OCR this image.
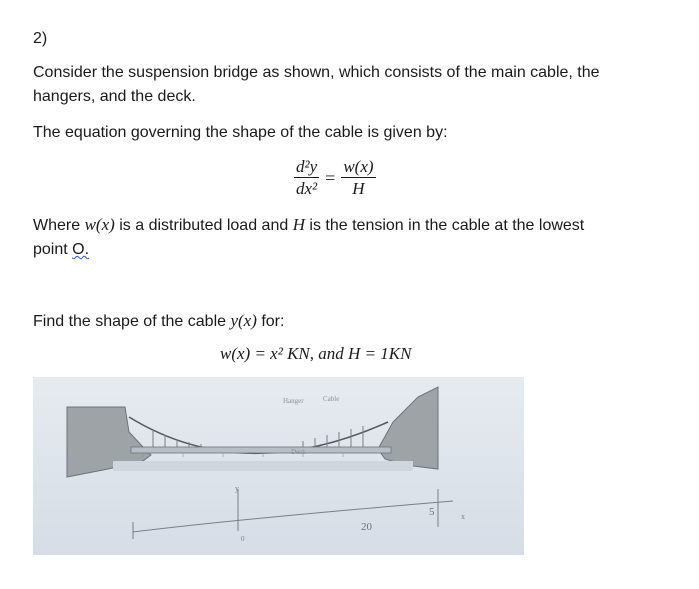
2)
Consider the suspension bridge as shown, which consists of the main cable, the hangers, and the deck.
The equation governing the shape of the cable is given by:
$\frac{\text{d²y}}{\text{dx²}} = \frac{w(x)}{H}$
Where w(x) is a distributed load and H is the tension in the cable at the lowest
point O.
Find the shape of the cable y(x) for:
w(x) = x² KN, and H = 1KN
Hanger	Cable
Deck
y
0
20
5	x
